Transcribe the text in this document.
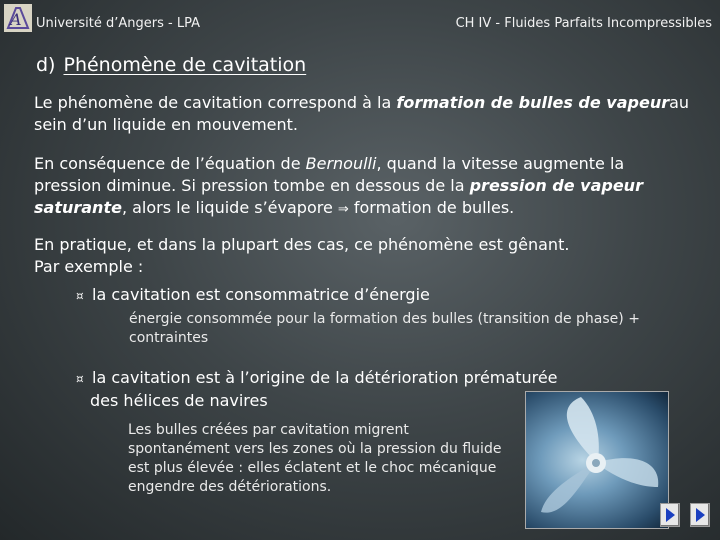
A Université d’Angers - LPA	CH IV - Fluides Parfaits Incompressibles
d) Phénomène de cavitation
Le phénomène de cavitation correspond à la formation de bulles de vapeurau sein d’un liquide en mouvement.
En conséquence de l’équation de Bernoulli, quand la vitesse augmente la pression diminue. Si pression tombe en dessous de la pression de vapeur saturante, alors le liquide s’évapore ⇒ formation de bulles.
En pratique, et dans la plupart des cas, ce phénomène est gênant.
Par exemple :
¤ la cavitation est consommatrice d’énergie
énergie consommée pour la formation des bulles (transition de phase) + contraintes
¤ la cavitation est à l’origine de la détérioration prématurée
des hélices de navires
Les bulles créées par cavitation migrent spontanément vers les zones où la pression du fluide est plus élevée : elles éclatent et le choc mécanique engendre des détériorations.
